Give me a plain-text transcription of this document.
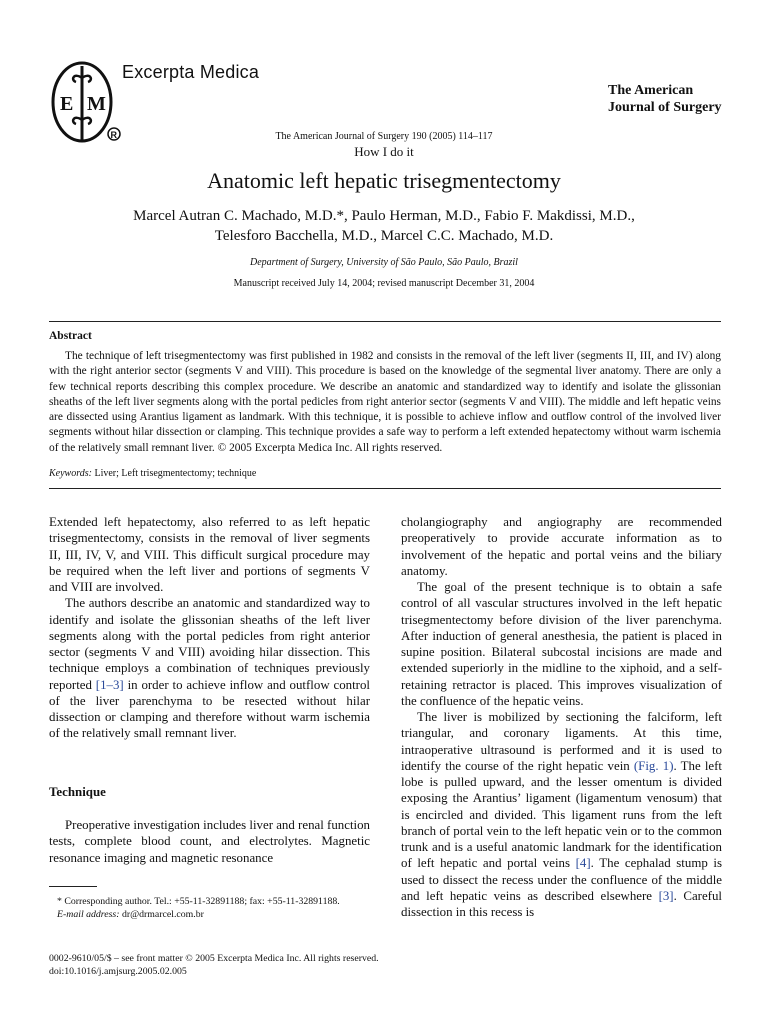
E M
R
Excerpta Medica
The American
Journal of Surgery
The American Journal of Surgery 190 (2005) 114–117
How I do it
Anatomic left hepatic trisegmentectomy
Marcel Autran C. Machado, M.D.*, Paulo Herman, M.D., Fabio F. Makdissi, M.D.,
Telesforo Bacchella, M.D., Marcel C.C. Machado, M.D.
Department of Surgery, University of São Paulo, São Paulo, Brazil
Manuscript received July 14, 2004; revised manuscript December 31, 2004
Abstract

The technique of left trisegmentectomy was first published in 1982 and consists in the removal of the left liver (segments II, III, and IV) along with the right anterior sector (segments V and VIII). This procedure is based on the knowledge of the segmental liver anatomy. There are only a few technical reports describing this complex procedure. We describe an anatomic and standardized way to identify and isolate the glissonian sheaths of the left liver segments along with the portal pedicles from right anterior sector (segments V and VIII). The middle and left hepatic veins are dissected using Arantius ligament as landmark. With this technique, it is possible to achieve inflow and outflow control of the involved liver segments without hilar dissection or clamping. This technique provides a safe way to perform a left extended hepatectomy without warm ischemia of the relatively small remnant liver. © 2005 Excerpta Medica Inc. All rights reserved.

Keywords: Liver; Left trisegmentectomy; technique

Extended left hepatectomy, also referred to as left hepatic trisegmentectomy, consists in the removal of liver segments II, III, IV, V, and VIII. This difficult surgical procedure may be required when the left liver and portions of segments V and VIII are involved.

The authors describe an anatomic and standardized way to identify and isolate the glissonian sheaths of the left liver segments along with the portal pedicles from right anterior sector (segments V and VIII) avoiding hilar dissection. This technique employs a combination of techniques previously reported [1–3] in order to achieve inflow and outflow control of the liver parenchyma to be resected without hilar dissection or clamping and therefore without warm ischemia of the relatively small remnant liver.

Technique

Preoperative investigation includes liver and renal function tests, complete blood count, and electrolytes. Magnetic resonance imaging and magnetic resonance

* Corresponding author. Tel.: +55-11-32891188; fax: +55-11-32891188.
E-mail address: dr@drmarcel.com.br

cholangiography and angiography are recommended preoperatively to provide accurate information as to involvement of the hepatic and portal veins and the biliary anatomy.

The goal of the present technique is to obtain a safe control of all vascular structures involved in the left hepatic trisegmentectomy before division of the liver parenchyma. After induction of general anesthesia, the patient is placed in supine position. Bilateral subcostal incisions are made and extended superiorly in the midline to the xiphoid, and a self-retaining retractor is placed. This improves visualization of the confluence of the hepatic veins.

The liver is mobilized by sectioning the falciform, left triangular, and coronary ligaments. At this time, intraoperative ultrasound is performed and it is used to identify the course of the right hepatic vein (Fig. 1). The left lobe is pulled upward, and the lesser omentum is divided exposing the Arantius’ ligament (ligamentum venosum) that is encircled and divided. This ligament runs from the left branch of portal vein to the left hepatic vein or to the common trunk and is a useful anatomic landmark for the identification of left hepatic and portal veins [4]. The cephalad stump is used to dissect the recess under the confluence of the middle and left hepatic veins as described elsewhere [3]. Careful dissection in this recess is

0002-9610/05/$ – see front matter © 2005 Excerpta Medica Inc. All rights reserved.
doi:10.1016/j.amjsurg.2005.02.005
